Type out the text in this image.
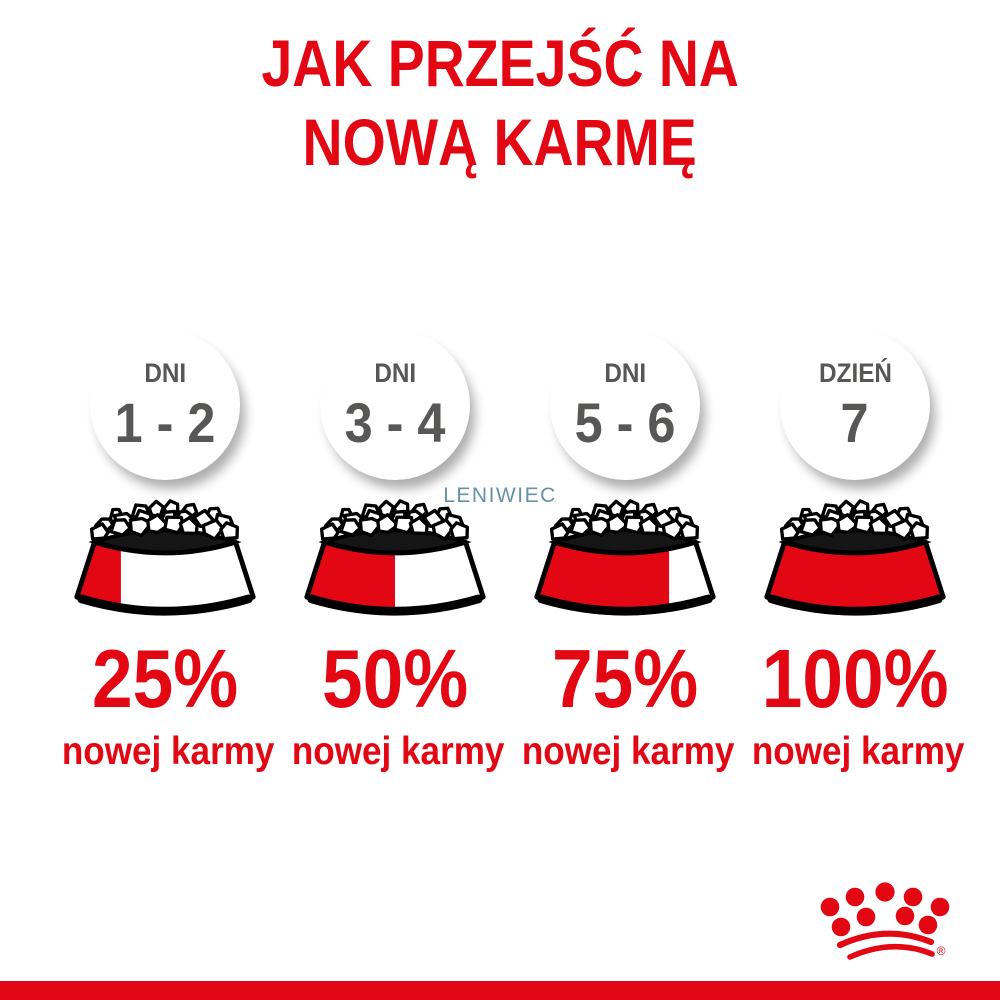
JAK PRZEJŚĆ NA
NOWĄ KARMĘ
LENIWIEC
DNI
1 - 2
25%
nowej karmy
DNI
3 - 4
50%
nowej karmy
DNI
5 - 6
75%
nowej karmy
DZIEŃ
7
100%
nowej karmy
®
